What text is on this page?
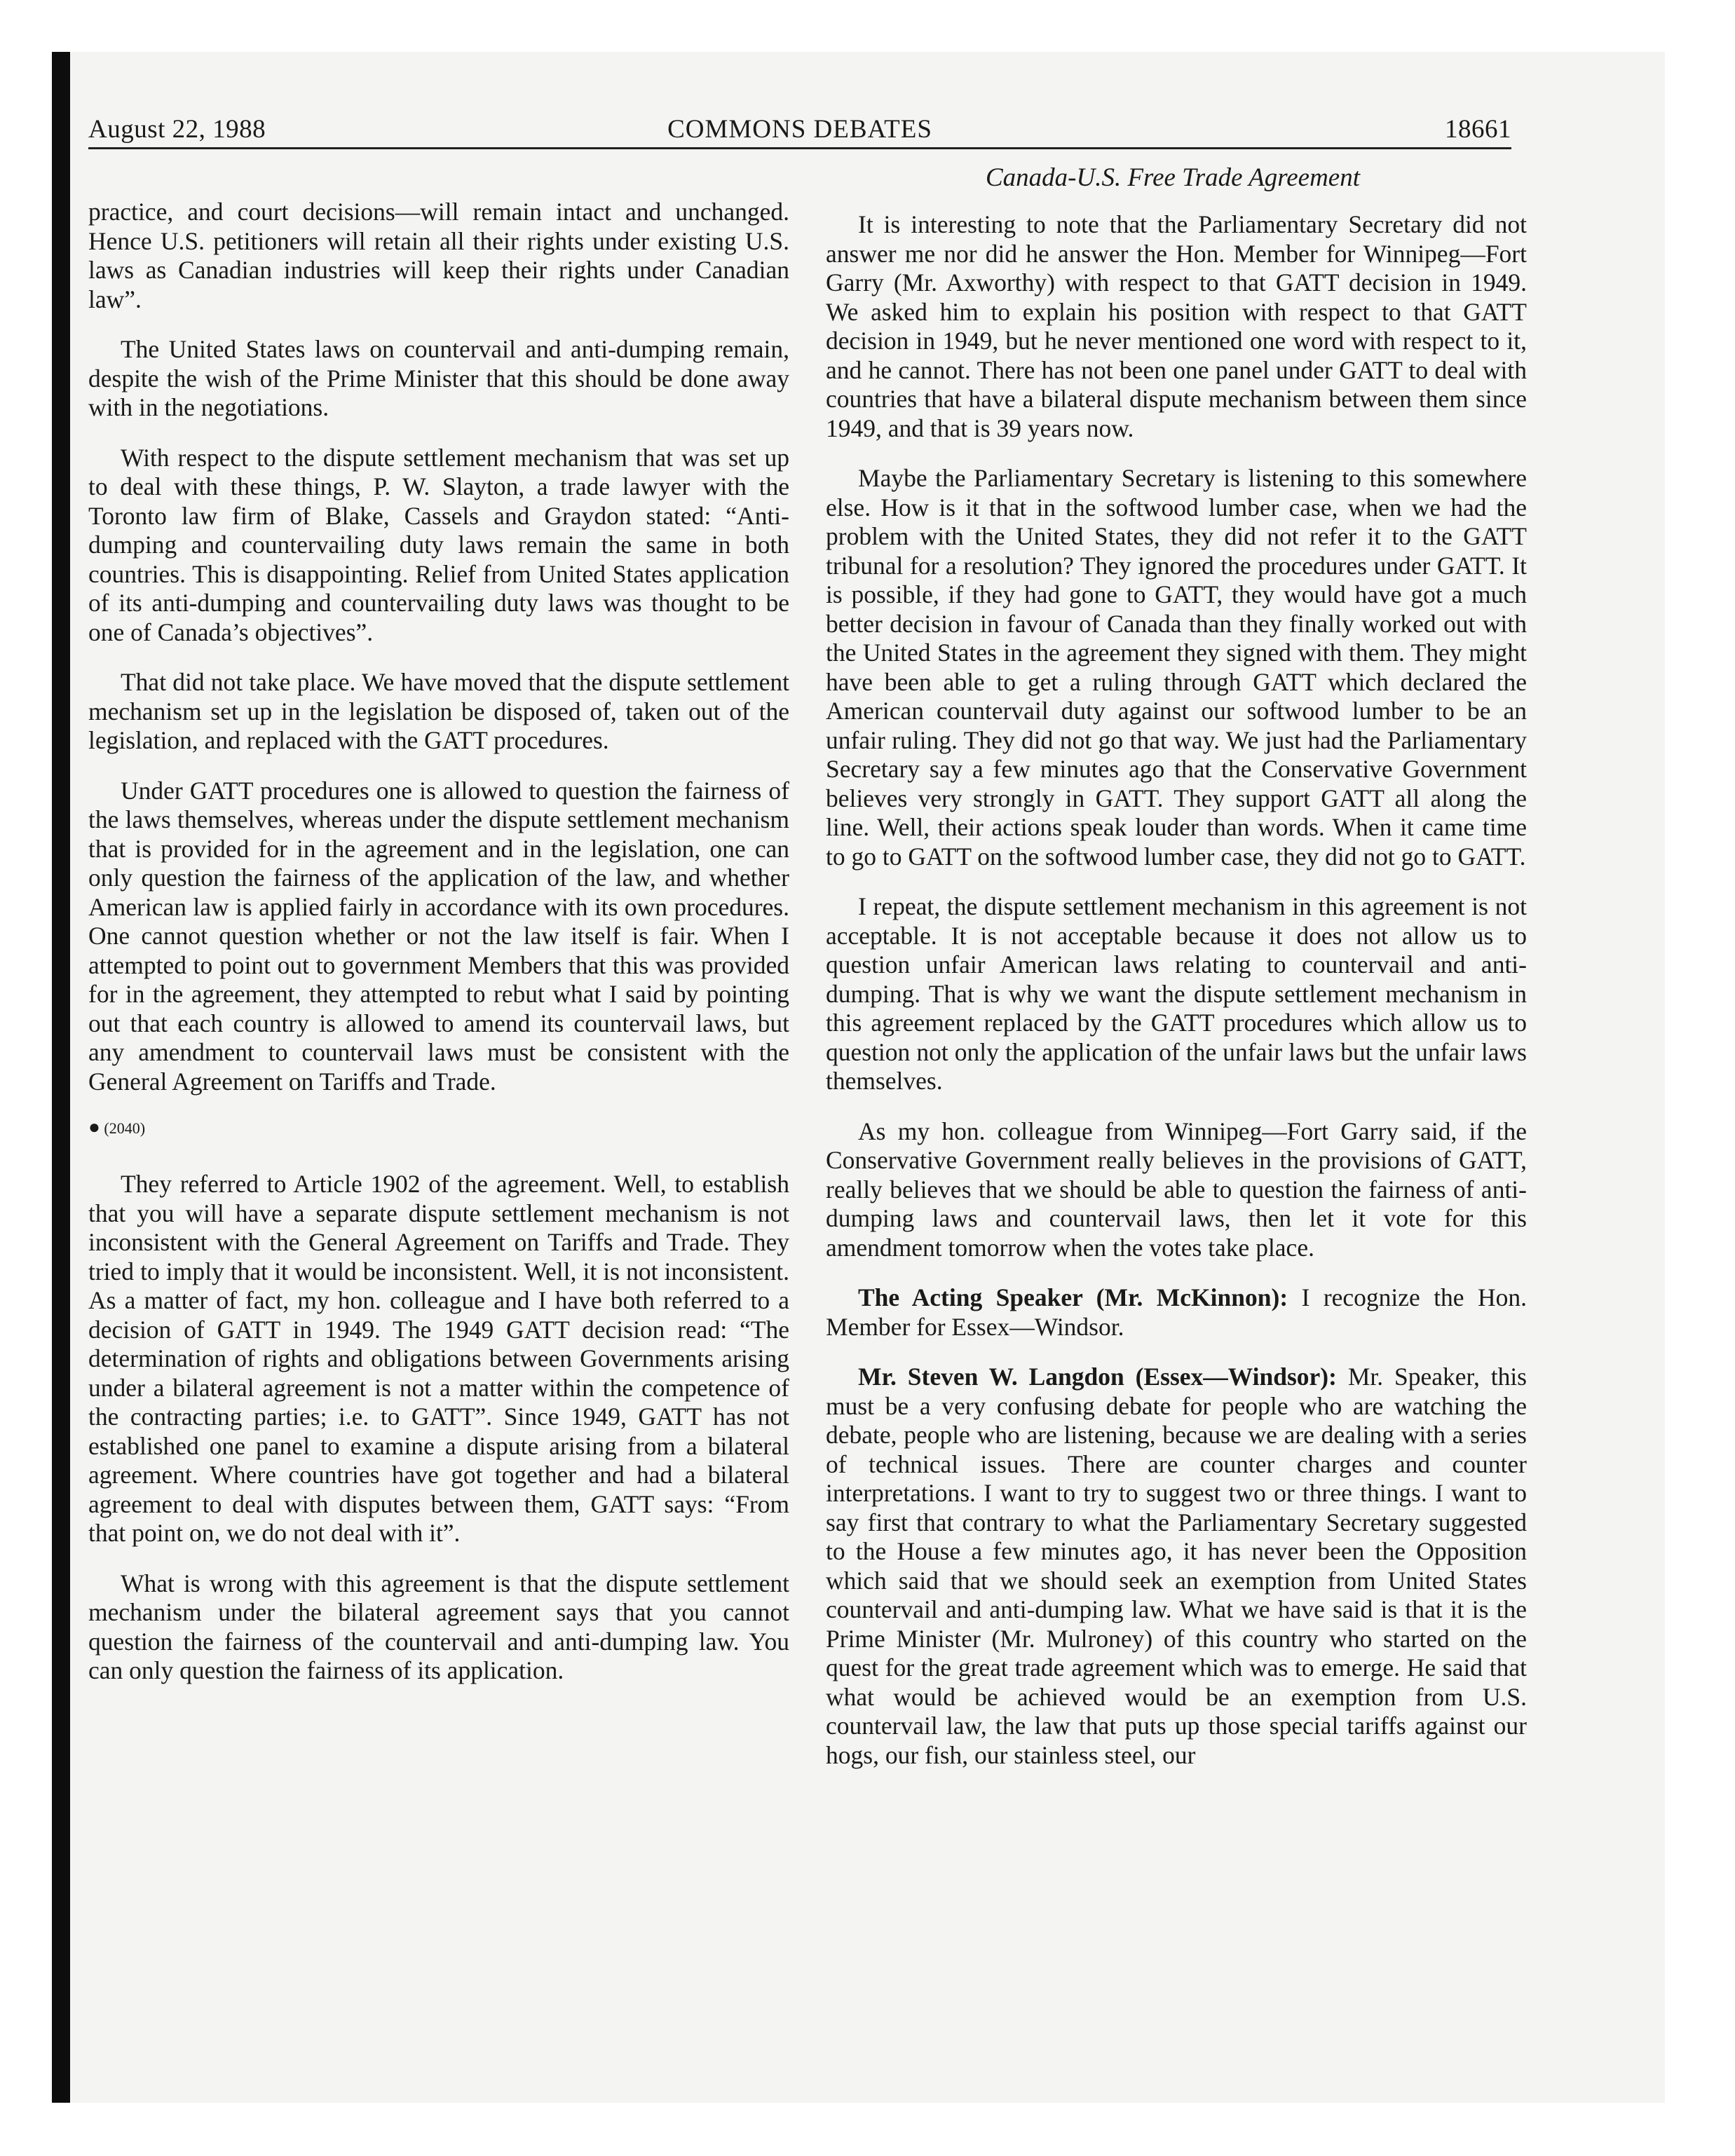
August 22, 1988	COMMONS DEBATES	18661
Canada-U.S. Free Trade Agreement

practice, and court decisions—will remain intact and unchanged. Hence U.S. petitioners will retain all their rights under existing U.S. laws as Canadian industries will keep their rights under Canadian law”.

The United States laws on countervail and anti-dumping remain, despite the wish of the Prime Minister that this should be done away with in the negotiations.

With respect to the dispute settlement mechanism that was set up to deal with these things, P. W. Slayton, a trade lawyer with the Toronto law firm of Blake, Cassels and Graydon stated: “Anti-dumping and countervailing duty laws remain the same in both countries. This is disappointing. Relief from United States application of its anti-dumping and countervailing duty laws was thought to be one of Canada’s objectives”.

That did not take place. We have moved that the dispute settlement mechanism set up in the legislation be disposed of, taken out of the legislation, and replaced with the GATT procedures.

Under GATT procedures one is allowed to question the fairness of the laws themselves, whereas under the dispute settlement mechanism that is provided for in the agreement and in the legislation, one can only question the fairness of the application of the law, and whether American law is applied fairly in accordance with its own procedures. One cannot question whether or not the law itself is fair. When I attempted to point out to government Members that this was provided for in the agreement, they attempted to rebut what I said by pointing out that each country is allowed to amend its countervail laws, but any amendment to countervail laws must be consistent with the General Agreement on Tariffs and Trade.

● (2040)

They referred to Article 1902 of the agreement. Well, to establish that you will have a separate dispute settlement mechanism is not inconsistent with the General Agreement on Tariffs and Trade. They tried to imply that it would be inconsistent. Well, it is not inconsistent. As a matter of fact, my hon. colleague and I have both referred to a decision of GATT in 1949. The 1949 GATT decision read: “The determination of rights and obligations between Governments arising under a bilateral agreement is not a matter within the competence of the contracting parties; i.e. to GATT”. Since 1949, GATT has not established one panel to examine a dispute arising from a bilateral agreement. Where countries have got together and had a bilateral agreement to deal with disputes between them, GATT says: “From that point on, we do not deal with it”.

What is wrong with this agreement is that the dispute settlement mechanism under the bilateral agreement says that you cannot question the fairness of the countervail and anti-dumping law. You can only question the fairness of its application.

It is interesting to note that the Parliamentary Secretary did not answer me nor did he answer the Hon. Member for Winnipeg—Fort Garry (Mr. Axworthy) with respect to that GATT decision in 1949. We asked him to explain his position with respect to that GATT decision in 1949, but he never mentioned one word with respect to it, and he cannot. There has not been one panel under GATT to deal with countries that have a bilateral dispute mechanism between them since 1949, and that is 39 years now.

Maybe the Parliamentary Secretary is listening to this somewhere else. How is it that in the softwood lumber case, when we had the problem with the United States, they did not refer it to the GATT tribunal for a resolution? They ignored the procedures under GATT. It is possible, if they had gone to GATT, they would have got a much better decision in favour of Canada than they finally worked out with the United States in the agreement they signed with them. They might have been able to get a ruling through GATT which declared the American countervail duty against our softwood lumber to be an unfair ruling. They did not go that way. We just had the Parliamentary Secretary say a few minutes ago that the Conservative Government believes very strongly in GATT. They support GATT all along the line. Well, their actions speak louder than words. When it came time to go to GATT on the softwood lumber case, they did not go to GATT.

I repeat, the dispute settlement mechanism in this agreement is not acceptable. It is not acceptable because it does not allow us to question unfair American laws relating to countervail and anti-dumping. That is why we want the dispute settlement mechanism in this agreement replaced by the GATT procedures which allow us to question not only the application of the unfair laws but the unfair laws themselves.

As my hon. colleague from Winnipeg—Fort Garry said, if the Conservative Government really believes in the provisions of GATT, really believes that we should be able to question the fairness of anti-dumping laws and countervail laws, then let it vote for this amendment tomorrow when the votes take place.

The Acting Speaker (Mr. McKinnon): I recognize the Hon. Member for Essex—Windsor.

Mr. Steven W. Langdon (Essex—Windsor): Mr. Speaker, this must be a very confusing debate for people who are watching the debate, people who are listening, because we are dealing with a series of technical issues. There are counter charges and counter interpretations. I want to try to suggest two or three things. I want to say first that contrary to what the Parliamentary Secretary suggested to the House a few minutes ago, it has never been the Opposition which said that we should seek an exemption from United States countervail and anti-dumping law. What we have said is that it is the Prime Minister (Mr. Mulroney) of this country who started on the quest for the great trade agreement which was to emerge. He said that what would be achieved would be an exemption from U.S. countervail law, the law that puts up those special tariffs against our hogs, our fish, our stainless steel, our
